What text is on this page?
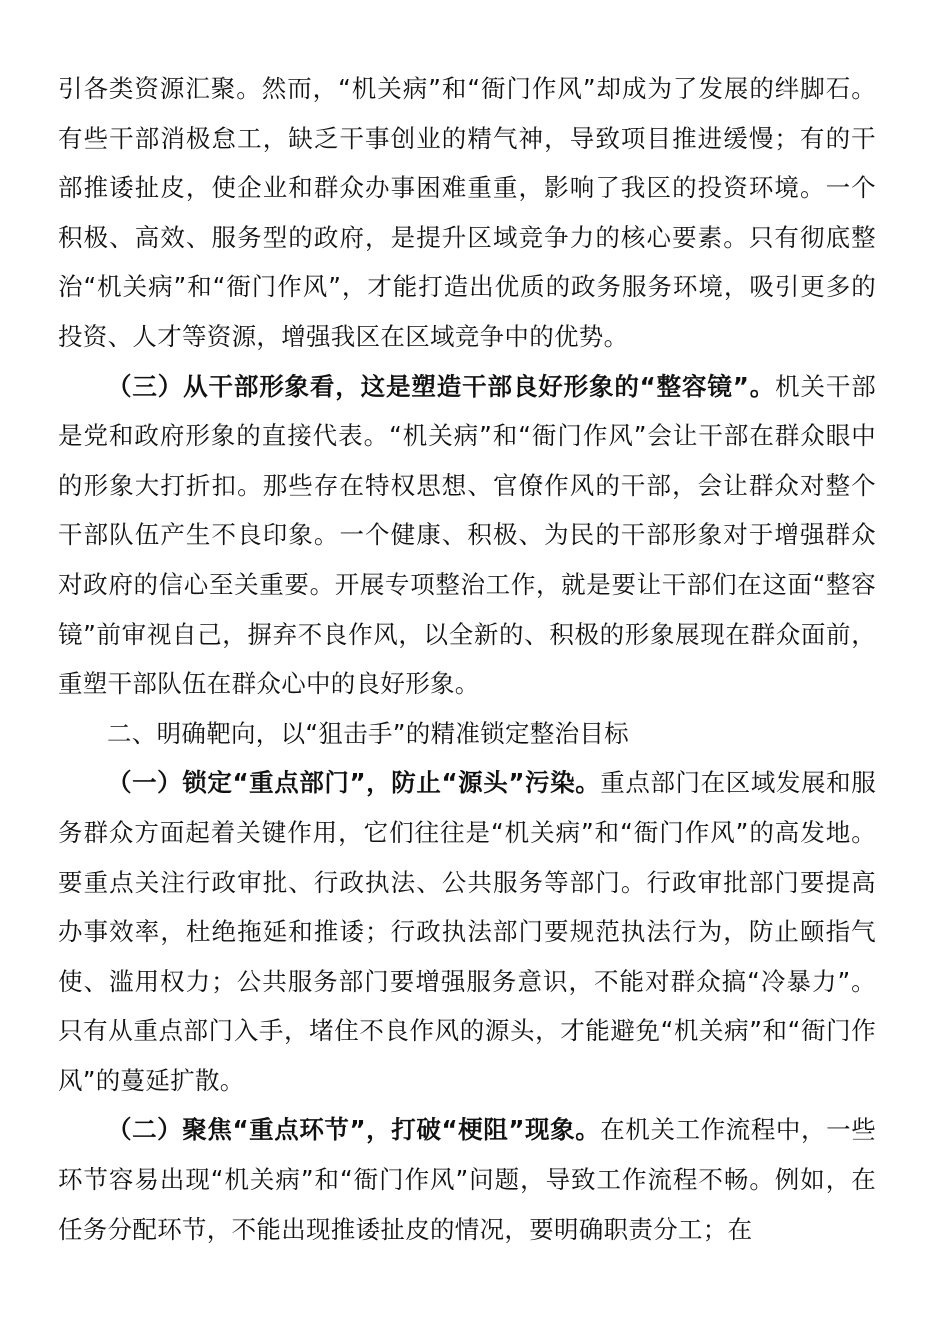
引各类资源汇聚。然而，“机关病”和“衙门作风”却成为了发展的绊脚石。有些干部消极怠工，缺乏干事创业的精气神，导致项目推进缓慢；有的干部推诿扯皮，使企业和群众办事困难重重，影响了我区的投资环境。一个积极、高效、服务型的政府，是提升区域竞争力的核心要素。只有彻底整治“机关病”和“衙门作风”，才能打造出优质的政务服务环境，吸引更多的投资、人才等资源，增强我区在区域竞争中的优势。

（三）从干部形象看，这是塑造干部良好形象的“整容镜”。机关干部是党和政府形象的直接代表。“机关病”和“衙门作风”会让干部在群众眼中的形象大打折扣。那些存在特权思想、官僚作风的干部，会让群众对整个干部队伍产生不良印象。一个健康、积极、为民的干部形象对于增强群众对政府的信心至关重要。开展专项整治工作，就是要让干部们在这面“整容镜”前审视自己，摒弃不良作风，以全新的、积极的形象展现在群众面前，重塑干部队伍在群众心中的良好形象。

二、明确靶向，以“狙击手”的精准锁定整治目标

（一）锁定“重点部门”，防止“源头”污染。重点部门在区域发展和服务群众方面起着关键作用，它们往往是“机关病”和“衙门作风”的高发地。要重点关注行政审批、行政执法、公共服务等部门。行政审批部门要提高办事效率，杜绝拖延和推诿；行政执法部门要规范执法行为，防止颐指气使、滥用权力；公共服务部门要增强服务意识，不能对群众搞“冷暴力”。只有从重点部门入手，堵住不良作风的源头，才能避免“机关病”和“衙门作风”的蔓延扩散。

（二）聚焦“重点环节”，打破“梗阻”现象。在机关工作流程中，一些环节容易出现“机关病”和“衙门作风”问题，导致工作流程不畅。例如，在任务分配环节，不能出现推诿扯皮的情况，要明确职责分工；在
